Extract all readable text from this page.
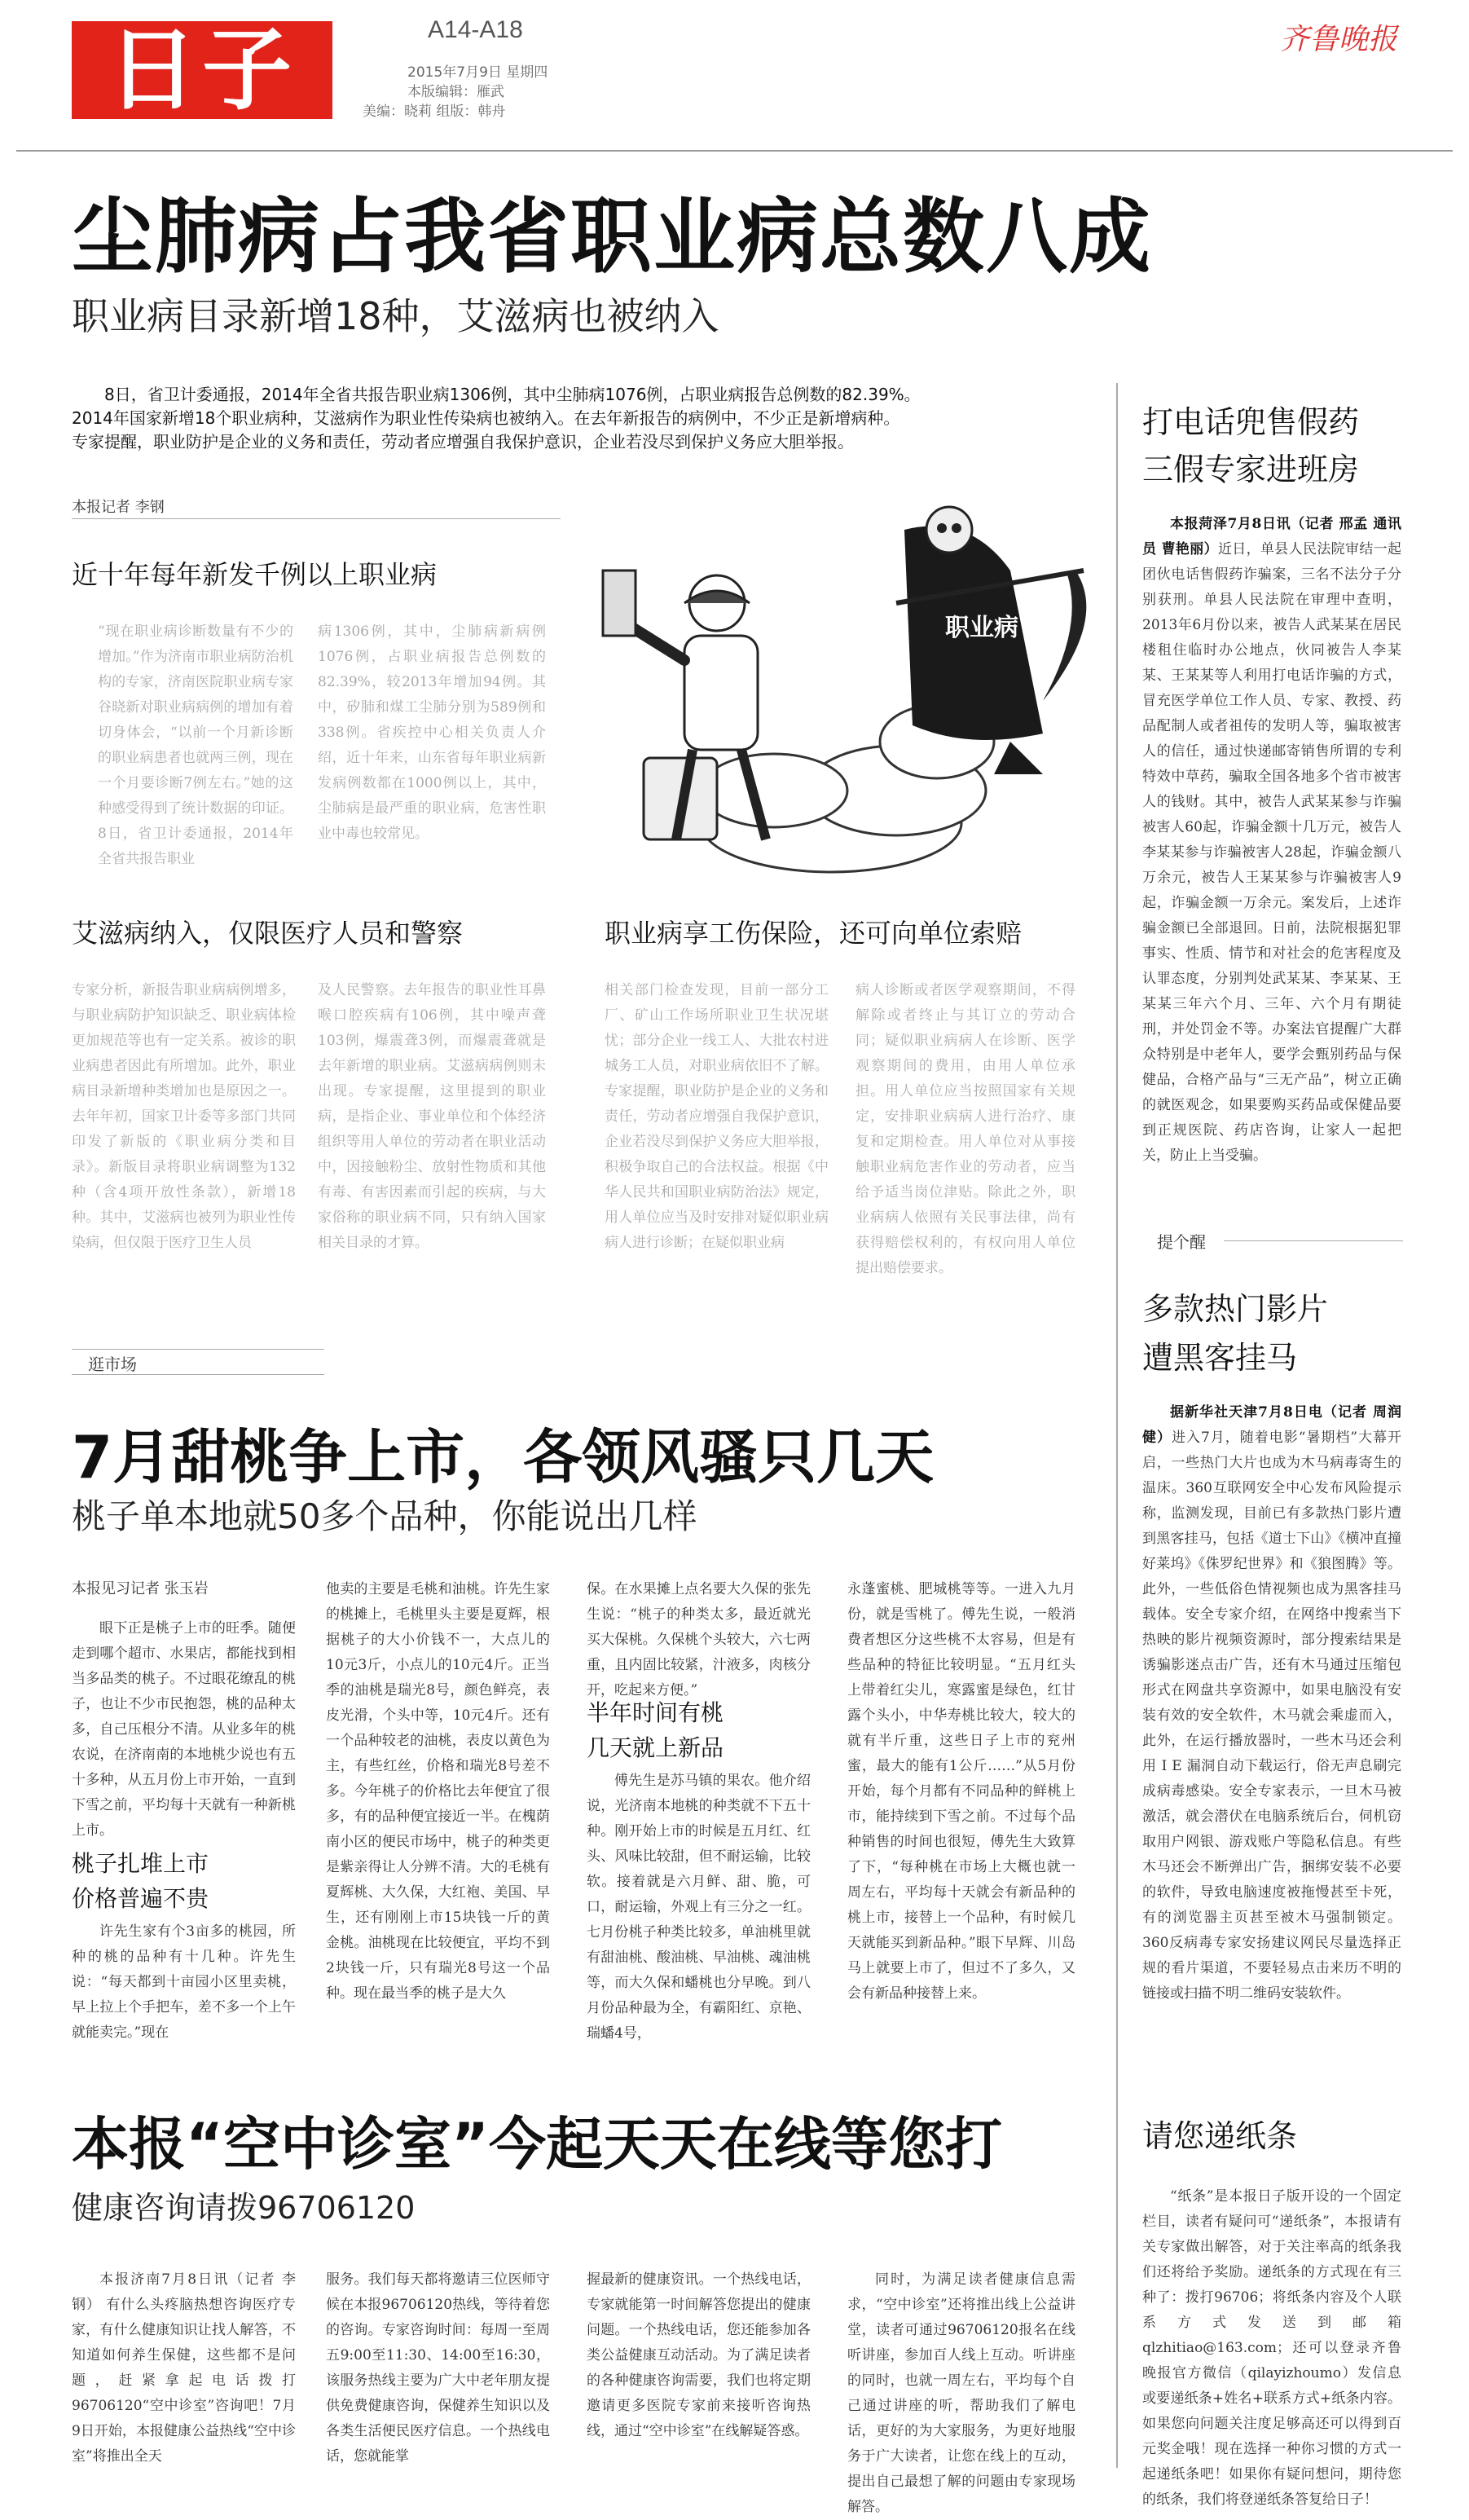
日子	A14-A18
2015年7月9日 星期四
本版编辑：雁武
美编：晓莉 组版：韩舟
齐鲁晚报
尘肺病占我省职业病总数八成
职业病目录新增18种，艾滋病也被纳入
8日，省卫计委通报，2014年全省共报告职业病1306例，其中尘肺病1076例，占职业病报告总例数的82.39%。
2014年国家新增18个职业病种，艾滋病作为职业性传染病也被纳入。在去年新报告的病例中，不少正是新增病种。
专家提醒，职业防护是企业的义务和责任，劳动者应增强自我保护意识，企业若没尽到保护义务应大胆举报。
本报记者 李钢
近十年每年新发千例以上职业病
“现在职业病诊断数量有不少的增加。”作为济南市职业病防治机构的专家，济南医院职业病专家谷晓新对职业病病例的增加有着切身体会，“以前一个月新诊断的职业病患者也就两三例，现在一个月要诊断7例左右。”她的这种感受得到了统计数据的印证。8日，省卫计委通报，2014年全省共报告职业
病1306例，其中，尘肺病新病例1076例，占职业病报告总例数的82.39%，较2013年增加94例。其中，矽肺和煤工尘肺分别为589例和338例。省疾控中心相关负责人介绍，近十年来，山东省每年职业病新发病例数都在1000例以上，其中，尘肺病是最严重的职业病，危害性职业中毒也较常见。
职业病
艾滋病纳入，仅限医疗人员和警察
专家分析，新报告职业病病例增多，与职业病防护知识缺乏、职业病体检更加规范等也有一定关系。被诊的职业病患者因此有所增加。此外，职业病目录新增种类增加也是原因之一。去年年初，国家卫计委等多部门共同印发了新版的《职业病分类和目录》。新版目录将职业病调整为132种（含4项开放性条款），新增18种。其中，艾滋病也被列为职业性传染病，但仅限于医疗卫生人员
及人民警察。去年报告的职业性耳鼻喉口腔疾病有106例，其中噪声聋103例，爆震聋3例，而爆震聋就是去年新增的职业病。艾滋病病例则未出现。专家提醒，这里提到的职业病，是指企业、事业单位和个体经济组织等用人单位的劳动者在职业活动中，因接触粉尘、放射性物质和其他有毒、有害因素而引起的疾病，与大家俗称的职业病不同，只有纳入国家相关目录的才算。
职业病享工伤保险，还可向单位索赔
相关部门检查发现，目前一部分工厂、矿山工作场所职业卫生状况堪忧；部分企业一线工人、大批农村进城务工人员，对职业病依旧不了解。专家提醒，职业防护是企业的义务和责任，劳动者应增强自我保护意识，企业若没尽到保护义务应大胆举报，积极争取自己的合法权益。根据《中华人民共和国职业病防治法》规定，用人单位应当及时安排对疑似职业病病人进行诊断；在疑似职业病
病人诊断或者医学观察期间，不得解除或者终止与其订立的劳动合同；疑似职业病病人在诊断、医学观察期间的费用，由用人单位承担。用人单位应当按照国家有关规定，安排职业病病人进行治疗、康复和定期检查。用人单位对从事接触职业病危害作业的劳动者，应当给予适当岗位津贴。除此之外，职业病病人依照有关民事法律，尚有获得赔偿权利的，有权向用人单位提出赔偿要求。
打电话兜售假药
三假专家进班房
本报菏泽7月8日讯（记者 邢孟 通讯员 曹艳丽）近日，单县人民法院审结一起团伙电话售假药诈骗案，三名不法分子分别获刑。单县人民法院在审理中查明，2013年6月份以来，被告人武某某在居民楼租住临时办公地点，伙同被告人李某某、王某某等人利用打电话诈骗的方式，冒充医学单位工作人员、专家、教授、药品配制人或者祖传的发明人等，骗取被害人的信任，通过快递邮寄销售所谓的专利特效中草药，骗取全国各地多个省市被害人的钱财。其中，被告人武某某参与诈骗被害人60起，诈骗金额十几万元，被告人李某某参与诈骗被害人28起，诈骗金额八万余元，被告人王某某参与诈骗被害人9起，诈骗金额一万余元。案发后，上述诈骗金额已全部退回。日前，法院根据犯罪事实、性质、情节和对社会的危害程度及认罪态度，分别判处武某某、李某某、王某某三年六个月、三年、六个月有期徒刑，并处罚金不等。办案法官提醒广大群众特别是中老年人，要学会甄别药品与保健品，合格产品与“三无产品”，树立正确的就医观念，如果要购买药品或保健品要到正规医院、药店咨询，让家人一起把关，防止上当受骗。
提个醒
多款热门影片
遭黑客挂马
据新华社天津7月8日电（记者 周润健）进入7月，随着电影“暑期档”大幕开启，一些热门大片也成为木马病毒寄生的温床。360互联网安全中心发布风险提示称，监测发现，目前已有多款热门影片遭到黑客挂马，包括《道士下山》《横冲直撞好莱坞》《侏罗纪世界》和《狼图腾》等。此外，一些低俗色情视频也成为黑客挂马载体。安全专家介绍，在网络中搜索当下热映的影片视频资源时，部分搜索结果是诱骗影迷点击广告，还有木马通过压缩包形式在网盘共享资源中，如果电脑没有安装有效的安全软件，木马就会乘虚而入，此外，在运行播放器时，一些木马还会利用 I E 漏洞自动下载运行，俗无声息刷完成病毒感染。安全专家表示，一旦木马被激活，就会潜伏在电脑系统后台，伺机窃取用户网银、游戏账户等隐私信息。有些木马还会不断弹出广告，捆绑安装不必要的软件，导致电脑速度被拖慢甚至卡死，有的浏览器主页甚至被木马强制锁定。360反病毒专家安扬建议网民尽量选择正规的看片渠道，不要轻易点击来历不明的链接或扫描不明二维码安装软件。
逛市场
7月甜桃争上市，各领风骚只几天
桃子单本地就50多个品种，你能说出几样
本报见习记者 张玉岩
眼下正是桃子上市的旺季。随便走到哪个超市、水果店，都能找到相当多品类的桃子。不过眼花缭乱的桃子，也让不少市民抱怨，桃的品种太多，自己压根分不清。从业多年的桃农说，在济南南的本地桃少说也有五十多种，从五月份上市开始，一直到下雪之前，平均每十天就有一种新桃上市。
桃子扎堆上市
价格普遍不贵
许先生家有个3亩多的桃园，所种的桃的品种有十几种。许先生说：“每天都到十亩园小区里卖桃，早上拉上个手把车，差不多一个上午就能卖完。”现在
他卖的主要是毛桃和油桃。许先生家的桃摊上，毛桃里头主要是夏辉，根据桃子的大小价钱不一，大点儿的10元3斤，小点儿的10元4斤。正当季的油桃是瑞光8号，颜色鲜亮，表皮光滑，个头中等，10元4斤。还有一个品种较老的油桃，表皮以黄色为主，有些红丝，价格和瑞光8号差不多。今年桃子的价格比去年便宜了很多，有的品种便宜接近一半。在槐荫南小区的便民市场中，桃子的种类更是紫亲得让人分辨不清。大的毛桃有夏辉桃、大久保，大红袍、美国、早生，还有刚刚上市15块钱一斤的黄金桃。油桃现在比较便宜，平均不到2块钱一斤，只有瑞光8号这一个品种。现在最当季的桃子是大久
保。在水果摊上点名要大久保的张先生说：“桃子的种类太多，最近就光买大保桃。久保桃个头较大，六七两重，且内固比较紧，汁液多，肉核分开，吃起来方便。”
半年时间有桃
几天就上新品
傅先生是苏马镇的果农。他介绍说，光济南本地桃的种类就不下五十种。刚开始上市的时候是五月红、红头、风味比较甜，但不耐运输，比较软。接着就是六月鲜、甜、脆，可口，耐运输，外观上有三分之一红。七月份桃子种类比较多，单油桃里就有甜油桃、酸油桃、早油桃、魂油桃等，而大久保和蟠桃也分早晚。到八月份品种最为全，有霸阳红、京艳、瑞蟠4号，
永蓬蜜桃、肥城桃等等。一进入九月份，就是雪桃了。傅先生说，一般消费者想区分这些桃不太容易，但是有些品种的特征比较明显。“五月红头上带着红尖儿，寒露蜜是绿色，红甘露个头小，中华寿桃比较大，较大的就有半斤重，这些日子上市的兖州蜜，最大的能有1公斤……”从5月份开始，每个月都有不同品种的鲜桃上市，能持续到下雪之前。不过每个品种销售的时间也很短，傅先生大致算了下，“每种桃在市场上大概也就一周左右，平均每十天就会有新品种的桃上市，接替上一个品种，有时候几天就能买到新品种。”眼下早辉、川岛马上就要上市了，但过不了多久，又会有新品种接替上来。
本报“空中诊室”今起天天在线等您打
健康咨询请拨96706120
本报济南7月8日讯（记者 李钢） 有什么头疼脑热想咨询医疗专家，有什么健康知识让找人解答，不知道如何养生保健，这些都不是问题，赶紧拿起电话拨打96706120“空中诊室”咨询吧！7月9日开始，本报健康公益热线“空中诊室”将推出全天
服务。我们每天都将邀请三位医师守候在本报96706120热线，等待着您的咨询。专家咨询时间：每周一至周五9:00至11:30、14:00至16:30，该服务热线主要为广大中老年朋友提供免费健康咨询，保健养生知识以及各类生活便民医疗信息。一个热线电话，您就能掌
握最新的健康资讯。一个热线电话，专家就能第一时间解答您提出的健康问题。一个热线电话，您还能参加各类公益健康互动活动。为了满足读者的各种健康咨询需要，我们也将定期邀请更多医院专家前来接听咨询热线，通过“空中诊室”在线解疑答惑。
同时，为满足读者健康信息需求，“空中诊室”还将推出线上公益讲堂，读者可通过96706120报名在线听讲座，参加百人线上互动。听讲座的同时，也就一周左右，平均每个自己通过讲座的听，帮助我们了解电话，更好的为大家服务，为更好地服务于广大读者，让您在线上的互动，提出自己最想了解的问题由专家现场解答。
请您递纸条
“纸条”是本报日子版开设的一个固定栏目，读者有疑问可“递纸条”，本报请有关专家做出解答，对于关注率高的纸条我们还将给予奖励。递纸条的方式现在有三种了：拨打96706；将纸条内容及个人联系方式发送到邮箱qlzhitiao@163.com；还可以登录齐鲁晚报官方微信（qilayizhoumo）发信息或要递纸条+姓名+联系方式+纸条内容。如果您向问题关注度足够高还可以得到百元奖金哦！现在选择一种你习惯的方式一起递纸条吧！如果你有疑问想问，期待您的纸条，我们将登递纸条答复给日子！
